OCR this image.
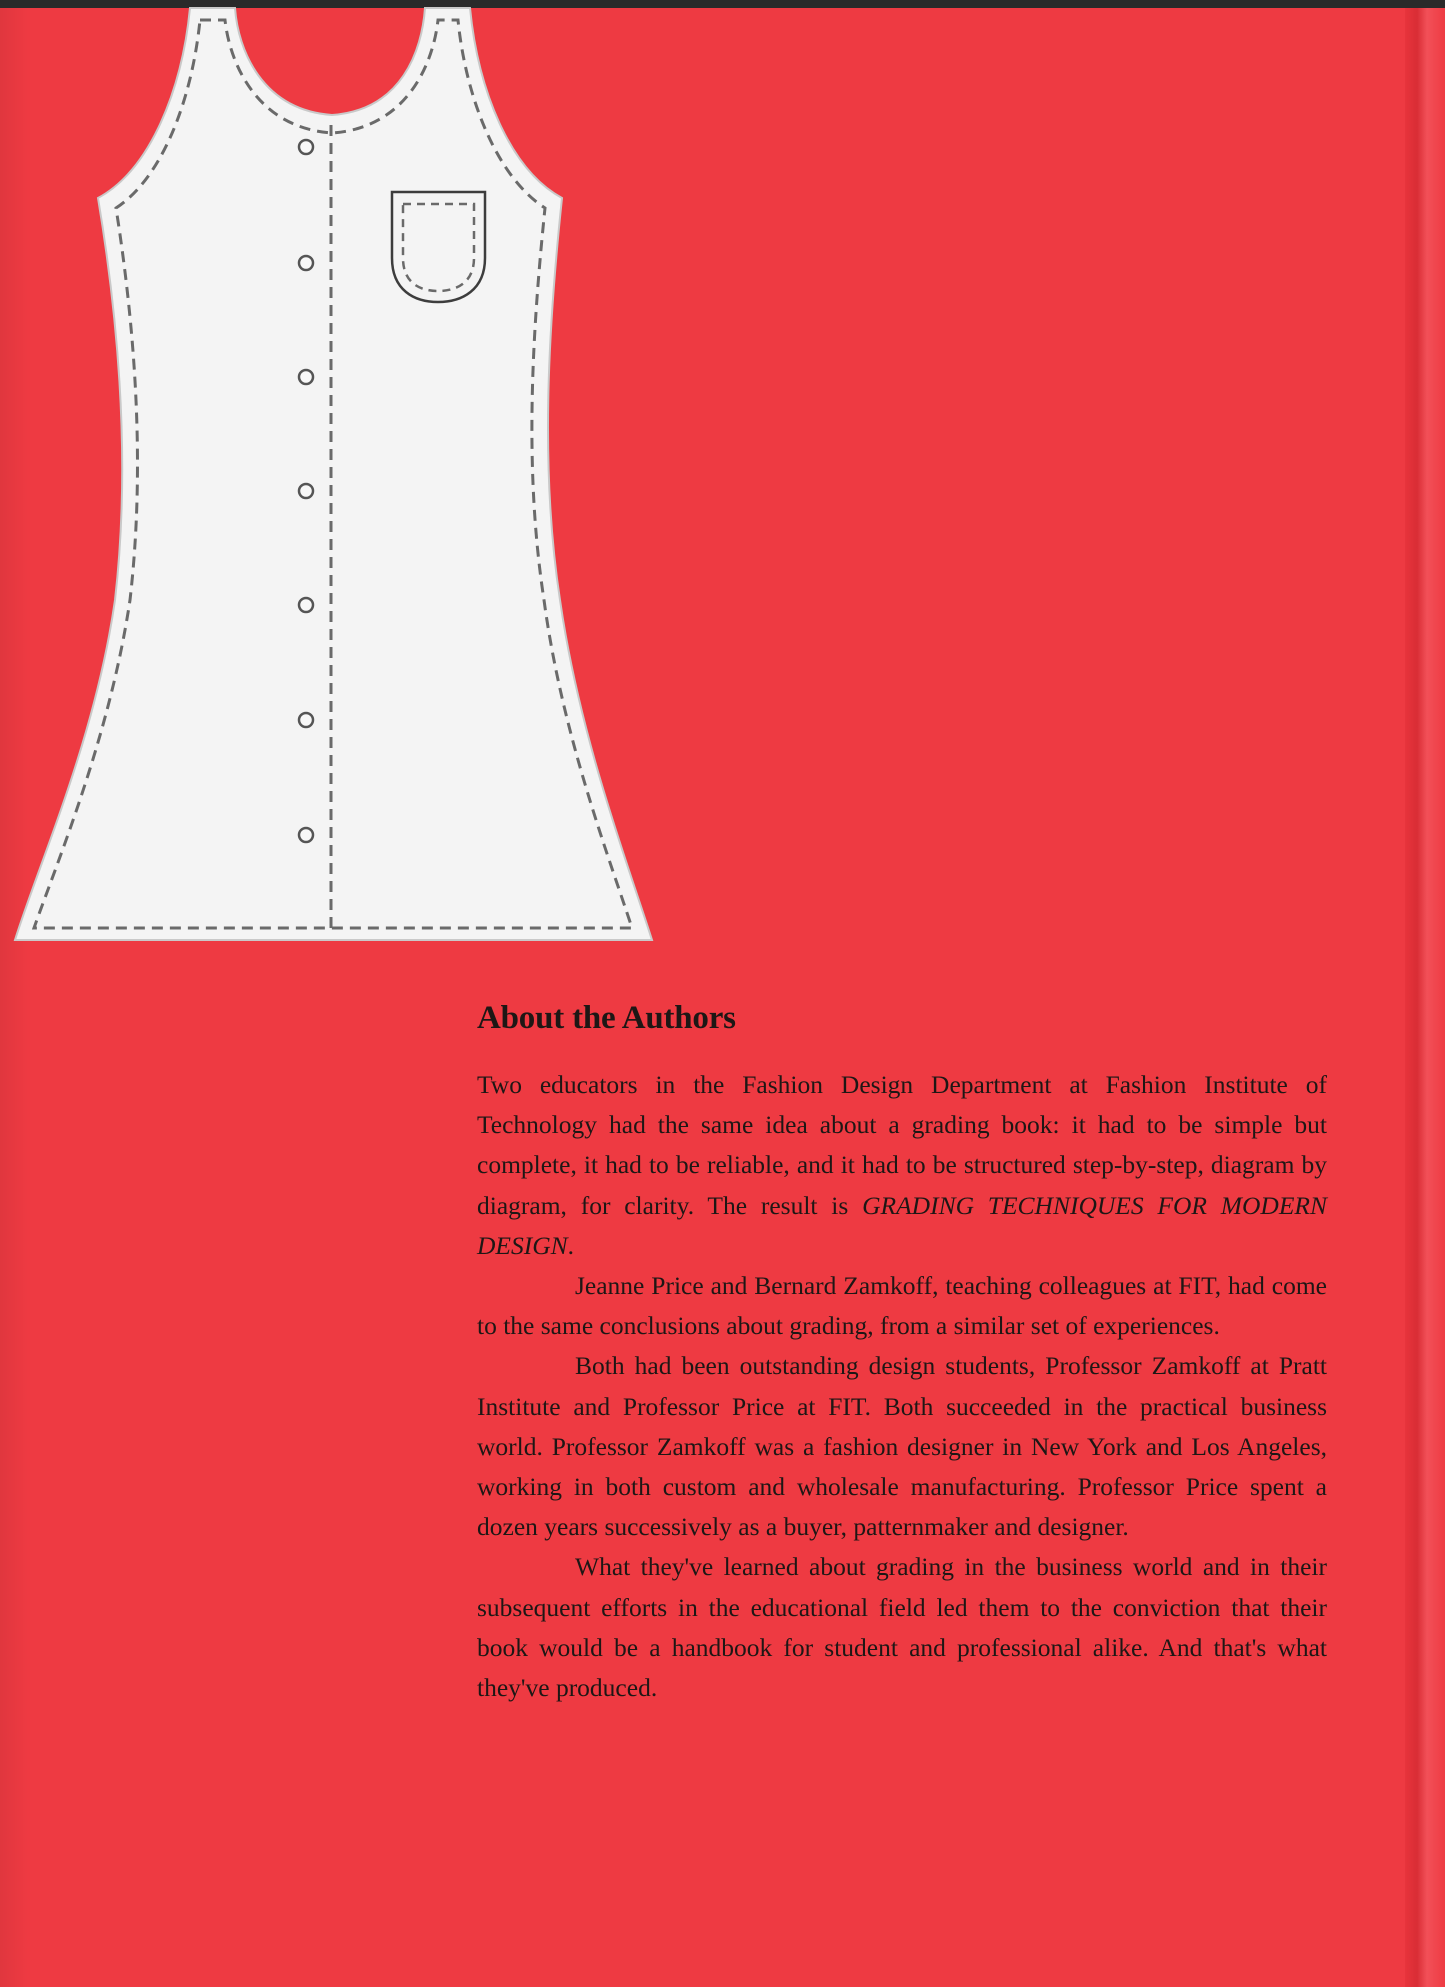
About the Authors

Two educators in the Fashion Design Department at Fashion Institute of Technology had the same idea about a grading book: it had to be simple but complete, it had to be reliable, and it had to be structured step-by-step, diagram by diagram, for clarity. The result is GRADING TECHNIQUES FOR MODERN DESIGN.

Jeanne Price and Bernard Zamkoff, teaching colleagues at FIT, had come to the same conclusions about grading, from a similar set of experiences.

Both had been outstanding design students, Professor Zamkoff at Pratt Institute and Professor Price at FIT. Both succeeded in the practical business world. Professor Zamkoff was a fashion designer in New York and Los Angeles, working in both custom and wholesale manufacturing. Professor Price spent a dozen years successively as a buyer, patternmaker and designer.

What they've learned about grading in the business world and in their subsequent efforts in the educational field led them to the conviction that their book would be a handbook for student and professional alike. And that's what they've produced.
